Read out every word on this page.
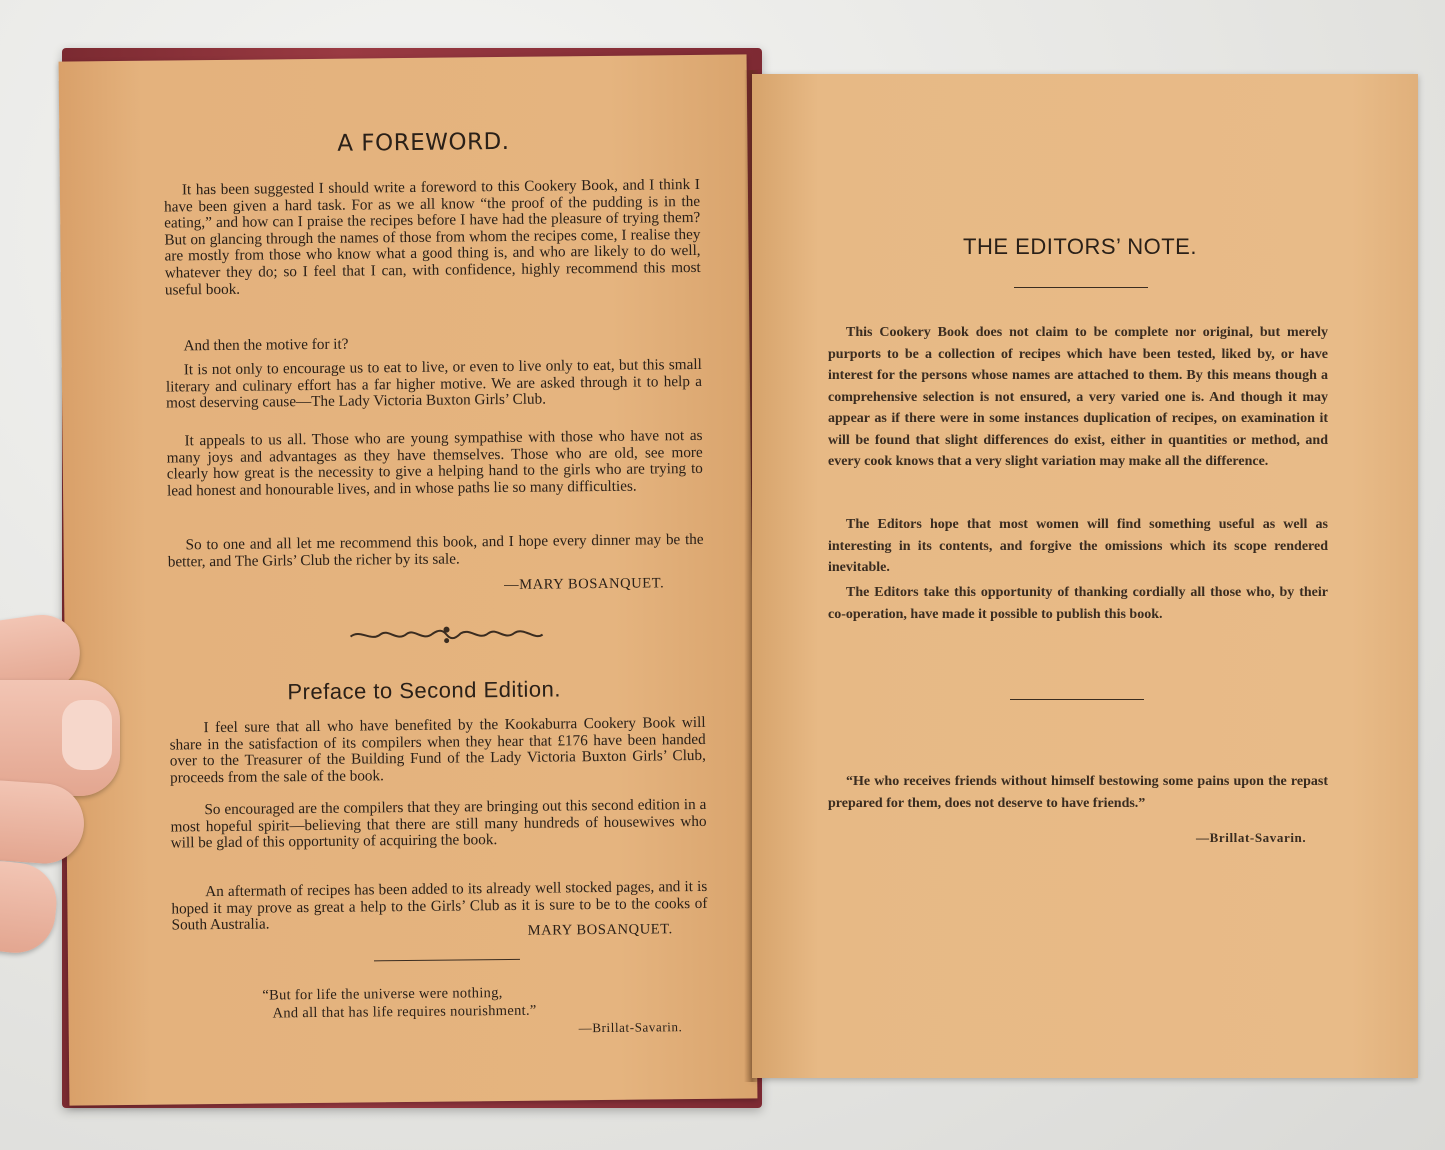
A FOREWORD.

It has been suggested I should write a foreword to this Cookery Book, and I think I have been given a hard task. For as we all know “the proof of the pudding is in the eating,” and how can I praise the recipes before I have had the pleasure of trying them? But on glancing through the names of those from whom the recipes come, I realise they are mostly from those who know what a good thing is, and who are likely to do well, whatever they do; so I feel that I can, with confidence, highly recommend this most useful book.

And then the motive for it?

It is not only to encourage us to eat to live, or even to live only to eat, but this small literary and culinary effort has a far higher motive. We are asked through it to help a most deserving cause—The Lady Victoria Buxton Girls’ Club.

It appeals to us all. Those who are young sympathise with those who have not as many joys and advantages as they have themselves. Those who are old, see more clearly how great is the necessity to give a helping hand to the girls who are trying to lead honest and honourable lives, and in whose paths lie so many difficulties.

So to one and all let me recommend this book, and I hope every dinner may be the better, and The Girls’ Club the richer by its sale.

—MARY BOSANQUET.
Preface to Second Edition.

I feel sure that all who have benefited by the Kookaburra Cookery Book will share in the satisfaction of its compilers when they hear that £176 have been handed over to the Treasurer of the Building Fund of the Lady Victoria Buxton Girls’ Club, proceeds from the sale of the book.

So encouraged are the compilers that they are bringing out this second edition in a most hopeful spirit—believing that there are still many hundreds of housewives who will be glad of this opportunity of acquiring the book.

An aftermath of recipes has been added to its already well stocked pages, and it is hoped it may prove as great a help to the Girls’ Club as it is sure to be to the cooks of South Australia.	MARY BOSANQUET.
“But for life the universe were nothing,
And all that has life requires nourishment.”
—Brillat-Savarin.
THE EDITORS’ NOTE.

This Cookery Book does not claim to be complete nor original, but merely purports to be a collection of recipes which have been tested, liked by, or have interest for the persons whose names are attached to them. By this means though a comprehensive selection is not ensured, a very varied one is. And though it may appear as if there were in some instances duplication of recipes, on examination it will be found that slight differences do exist, either in quantities or method, and every cook knows that a very slight variation may make all the difference.

The Editors hope that most women will find something useful as well as interesting in its contents, and forgive the omissions which its scope rendered inevitable.

The Editors take this opportunity of thanking cordially all those who, by their co-operation, have made it possible to publish this book.

“He who receives friends without himself bestowing some pains upon the repast prepared for them, does not deserve to have friends.”

—Brillat-Savarin.
